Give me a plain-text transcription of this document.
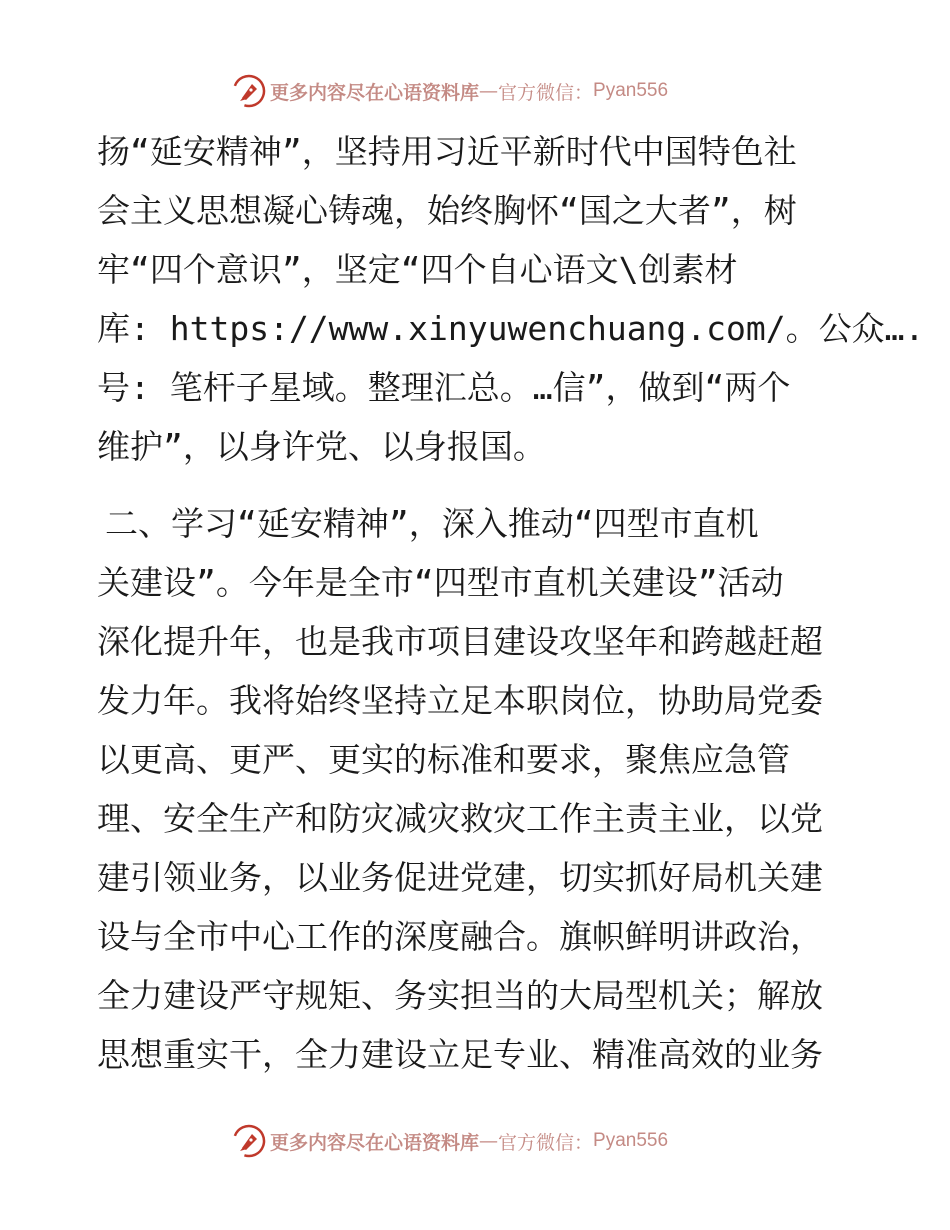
更多内容尽在心语资料库 — 官方微信： Pyan556
扬“延安精神”，坚持用习近平新时代中国特色社
会主义思想凝心铸魂，始终胸怀“国之大者”，树
牢“四个意识”，坚定“四个自心语文\创素材
库: https://www.xinyuwenchuang.com/。公众….
号: 笔杆子星域。整理汇总。…信”，做到“两个
维护”，以身许党、以身报国。
二、学习“延安精神”，深入推动“四型市直机
关建设”。今年是全市“四型市直机关建设”活动
深化提升年，也是我市项目建设攻坚年和跨越赶超
发力年。我将始终坚持立足本职岗位，协助局党委
以更高、更严、更实的标准和要求，聚焦应急管
理、安全生产和防灾减灾救灾工作主责主业，以党
建引领业务，以业务促进党建，切实抓好局机关建
设与全市中心工作的深度融合。旗帜鲜明讲政治，
全力建设严守规矩、务实担当的大局型机关；解放
思想重实干，全力建设立足专业、精准高效的业务
更多内容尽在心语资料库 — 官方微信： Pyan556
